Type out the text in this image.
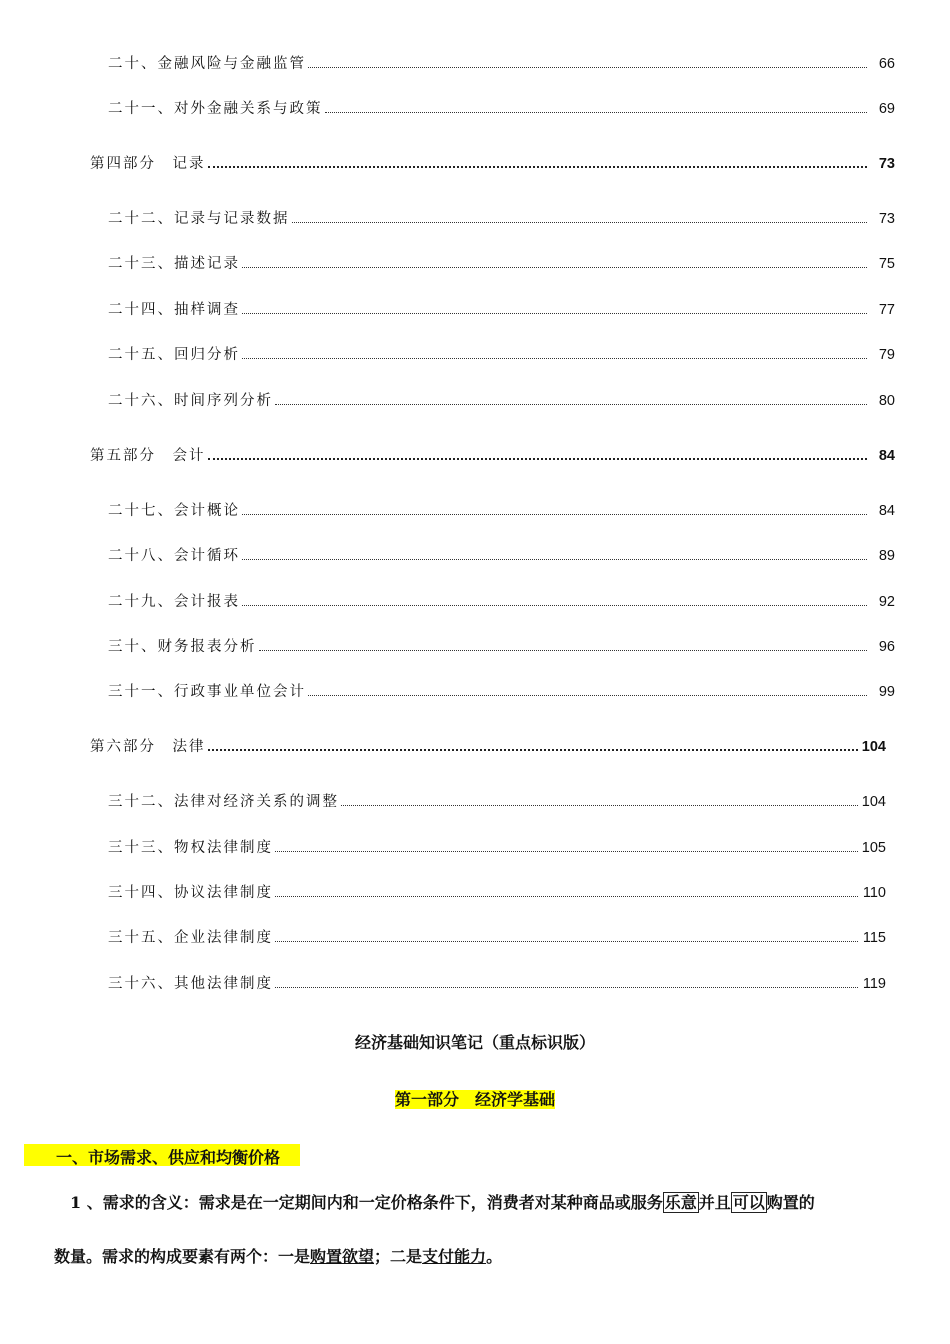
二十、金融风险与金融监管	66
二十一、对外金融关系与政策	69
第四部分　记录	73
二十二、记录与记录数据	73
二十三、描述记录	75
二十四、抽样调查	77
二十五、回归分析	79
二十六、时间序列分析	80
第五部分　会计	84
二十七、会计概论	84
二十八、会计循环	89
二十九、会计报表	92
三十、财务报表分析	96
三十一、行政事业单位会计	99
第六部分　法律	104
三十二、法律对经济关系的调整	104
三十三、物权法律制度	105
三十四、协议法律制度	110
三十五、企业法律制度	115
三十六、其他法律制度	119
经济基础知识笔记（重点标识版）
第一部分　经济学基础
一、市场需求、供应和均衡价格
1 、需求的含义：需求是在一定期间内和一定价格条件下，消费者对某种商品或服务 乐意 并且 可以 购置的
数量。需求的构成要素有两个：一是购置欲望；二是支付能力。
